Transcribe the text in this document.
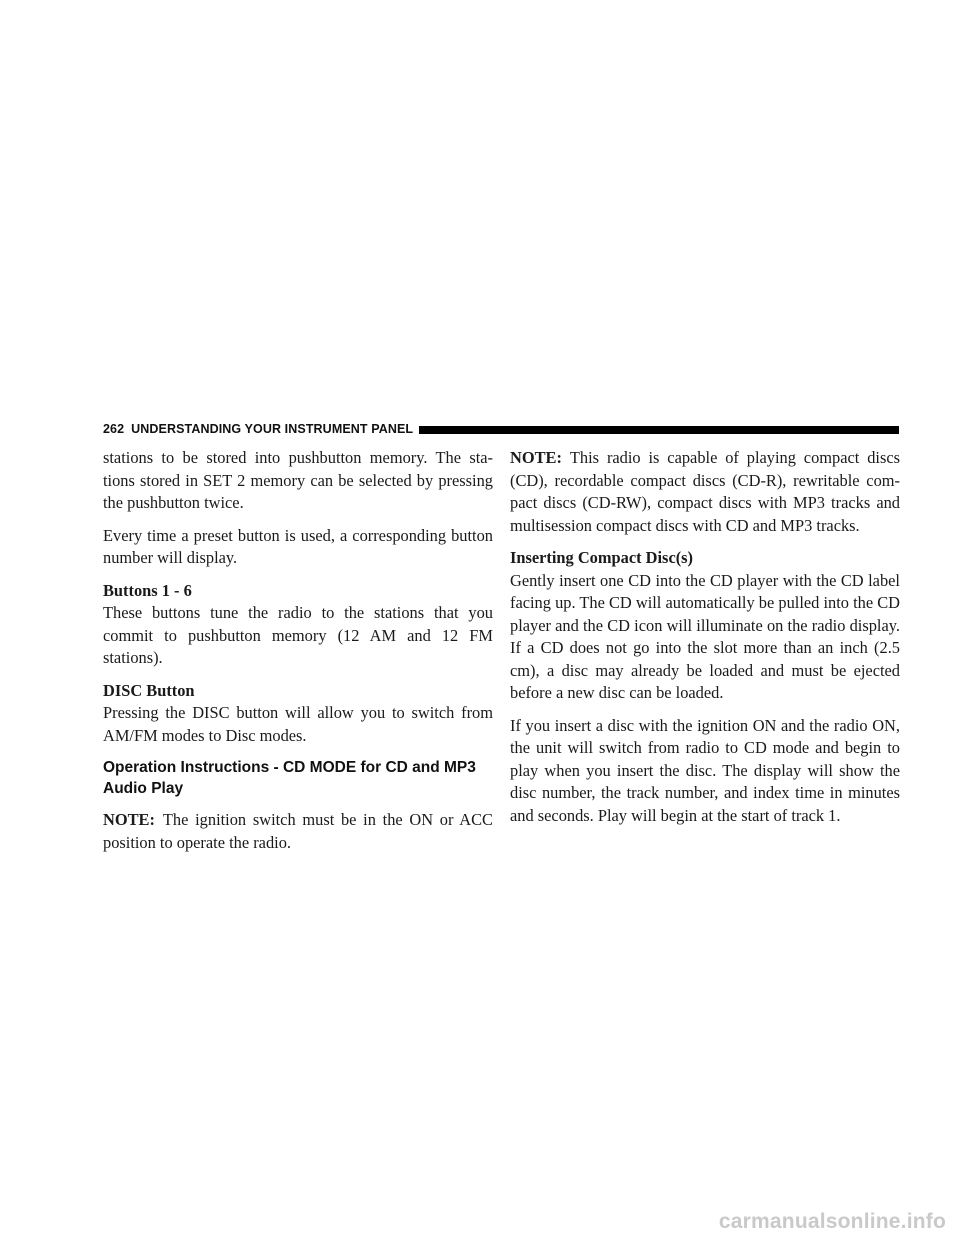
262 UNDERSTANDING YOUR INSTRUMENT PANEL

stations to be stored into pushbutton memory. The sta- tions stored in SET 2 memory can be selected by pressing the pushbutton twice.

Every time a preset button is used, a corresponding button number will display.

Buttons 1 - 6

These buttons tune the radio to the stations that you commit to pushbutton memory (12 AM and 12 FM stations).

DISC Button

Pressing the DISC button will allow you to switch from AM/FM modes to Disc modes.

Operation Instructions - CD MODE for CD and MP3 Audio Play

NOTE: The ignition switch must be in the ON or ACC position to operate the radio.

NOTE: This radio is capable of playing compact discs (CD), recordable compact discs (CD-R), rewritable com- pact discs (CD-RW), compact discs with MP3 tracks and multisession compact discs with CD and MP3 tracks.

Inserting Compact Disc(s)

Gently insert one CD into the CD player with the CD label facing up. The CD will automatically be pulled into the CD player and the CD icon will illuminate on the radio display. If a CD does not go into the slot more than an inch (2.5 cm), a disc may already be loaded and must be ejected before a new disc can be loaded.

If you insert a disc with the ignition ON and the radio ON, the unit will switch from radio to CD mode and begin to play when you insert the disc. The display will show the disc number, the track number, and index time in minutes and seconds. Play will begin at the start of track 1.

carmanualsonline.info
